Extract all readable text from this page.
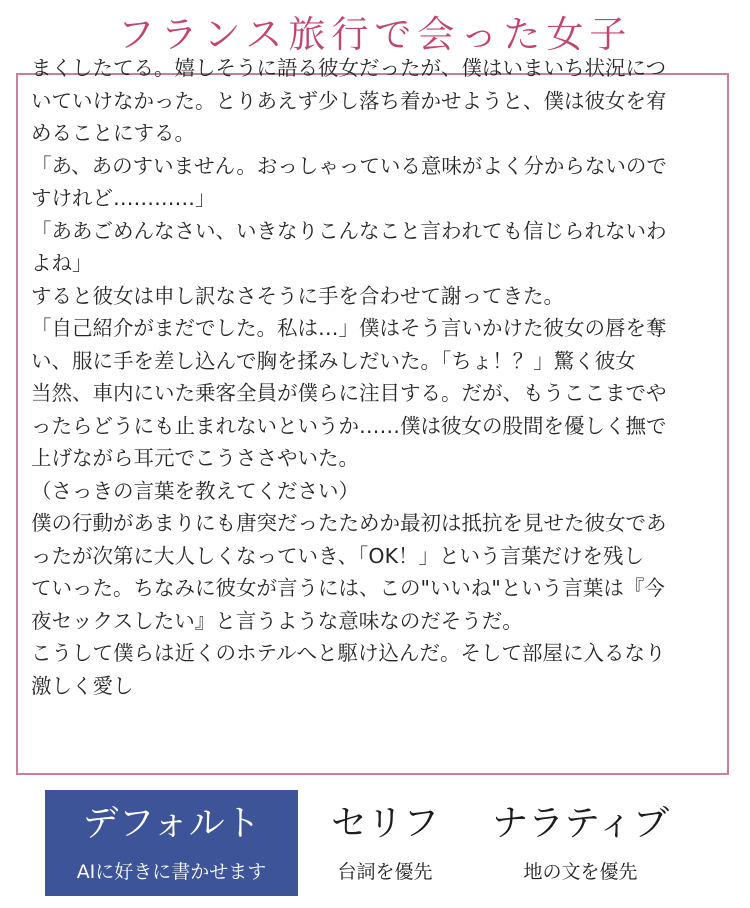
フランス旅行で会った女子
まくしたてる。嬉しそうに語る彼女だったが、僕はいまいち状況につ
いていけなかった。とりあえず少し落ち着かせようと、僕は彼女を宥
めることにする。
「あ、あのすいません。おっしゃっている意味がよく分からないので
すけれど…………」
「ああごめんなさい、いきなりこんなこと言われても信じられないわ
よね」
すると彼女は申し訳なさそうに手を合わせて謝ってきた。
「自己紹介がまだでした。私は…」僕はそう言いかけた彼女の唇を奪
い、服に手を差し込んで胸を揉みしだいた。「ちょ！？」驚く彼女
当然、車内にいた乗客全員が僕らに注目する。だが、もうここまでや
ったらどうにも止まれないというか……僕は彼女の股間を優しく撫で
上げながら耳元でこうささやいた。
（さっきの言葉を教えてください）
僕の行動があまりにも唐突だったためか最初は抵抗を見せた彼女であ
ったが次第に大人しくなっていき、「OK！」という言葉だけを残し
ていった。ちなみに彼女が言うには、この"いいね"という言葉は『今
夜セックスしたい』と言うような意味なのだそうだ。
こうして僕らは近くのホテルへと駆け込んだ。そして部屋に入るなり
激しく愛し
デフォルト
AIに好きに書かせます
セリフ
台詞を優先
ナラティブ
地の文を優先
